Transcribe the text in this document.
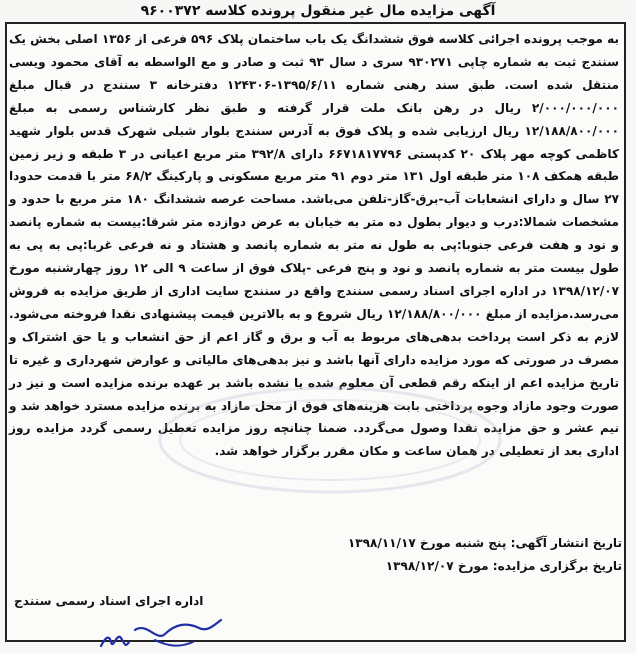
آگهی مزایده مال غیر منقول پرونده کلاسه ۹۶۰۰۳۷۲

به موجب پرونده اجرائی کلاسه فوق ششدانگ یک باب ساختمان پلاک ۵۹۶ فرعی از ۱۳۵۶ اصلی بخش یک سنندج ثبت به شماره چاپی ۹۳۰۲۷۱ سری د سال ۹۳ ثبت و صادر و مع الواسطه به آقای محمود ویسی منتقل شده است. طبق سند رهنی شماره ۱۳۹۵/۶/۱۱-۱۲۴۳۰۶ دفترخانه ۳ سنندج در قبال مبلغ ۲/۰۰۰/۰۰۰/۰۰۰ ریال در رهن بانک ملت قرار گرفته و طبق نظر کارشناس رسمی به مبلغ ۱۲/۱۸۸/۸۰۰/۰۰۰ ریال ارزیابی شده و پلاک فوق به آدرس سنندج بلوار شبلی شهرک قدس بلوار شهید کاظمی کوچه مهر پلاک ۲۰ کدپستی ۶۶۷۱۸۱۷۷۹۶ دارای ۳۹۲/۸ متر مربع اعیانی در ۳ طبقه و زیر زمین طبقه همکف ۱۰۸ متر طبقه اول ۱۳۱ متر دوم ۹۱ متر مربع مسکونی و پارکینگ ۶۸/۲ متر با قدمت حدودا ۲۷ سال و دارای انشعابات آب-برق-گاز-تلفن می‌باشد. مساحت عرصه ششدانگ ۱۸۰ متر مربع با حدود و مشخصات شمالا:درب و دیوار بطول ده متر به خیابان به عرض دوازده متر شرقا:بیست به شماره پانصد و نود و هفت فرعی جنوبا:پی به طول نه متر به شماره پانصد و هشتاد و نه فرعی غربا:پی به پی به طول بیست متر به شماره پانصد و نود و پنج فرعی -پلاک فوق از ساعت ۹ الی ۱۲ روز چهارشنبه مورخ ۱۳۹۸/۱۲/۰۷ در اداره اجرای اسناد رسمی سنندج واقع در سنندج سایت اداری از طریق مزایده به فروش می‌رسد.مزایده از مبلغ ۱۲/۱۸۸/۸۰۰/۰۰۰ ریال شروع و به بالاترین قیمت پیشنهادی نقدا فروخته می‌شود. لازم به ذکر است پرداخت بدهی‌های مربوط به آب و برق و گاز اعم از حق انشعاب و یا حق اشتراک و مصرف در صورتی که مورد مزایده دارای آنها باشد و نیز بدهی‌های مالیاتی و عوارض شهرداری و غیره تا تاریخ مزایده اعم از اینکه رقم قطعی آن معلوم شده یا نشده باشد بر عهده برنده مزایده است و نیز در صورت وجود مازاد وجوه پرداختی بابت هزینه‌های فوق از محل مازاد به برنده مزایده مسترد خواهد شد و نیم عشر و حق مزایده نقدا وصول می‌گردد. ضمنا چنانچه روز مزایده تعطیل رسمی گردد مزایده روز اداری بعد از تعطیلی در همان ساعت و مکان مقرر برگزار خواهد شد.

تاریخ انتشار آگهی: پنج شنبه مورخ ۱۳۹۸/۱۱/۱۷
تاریخ برگزاری مزایده: مورخ ۱۳۹۸/۱۲/۰۷
اداره اجرای اسناد رسمی سنندج
